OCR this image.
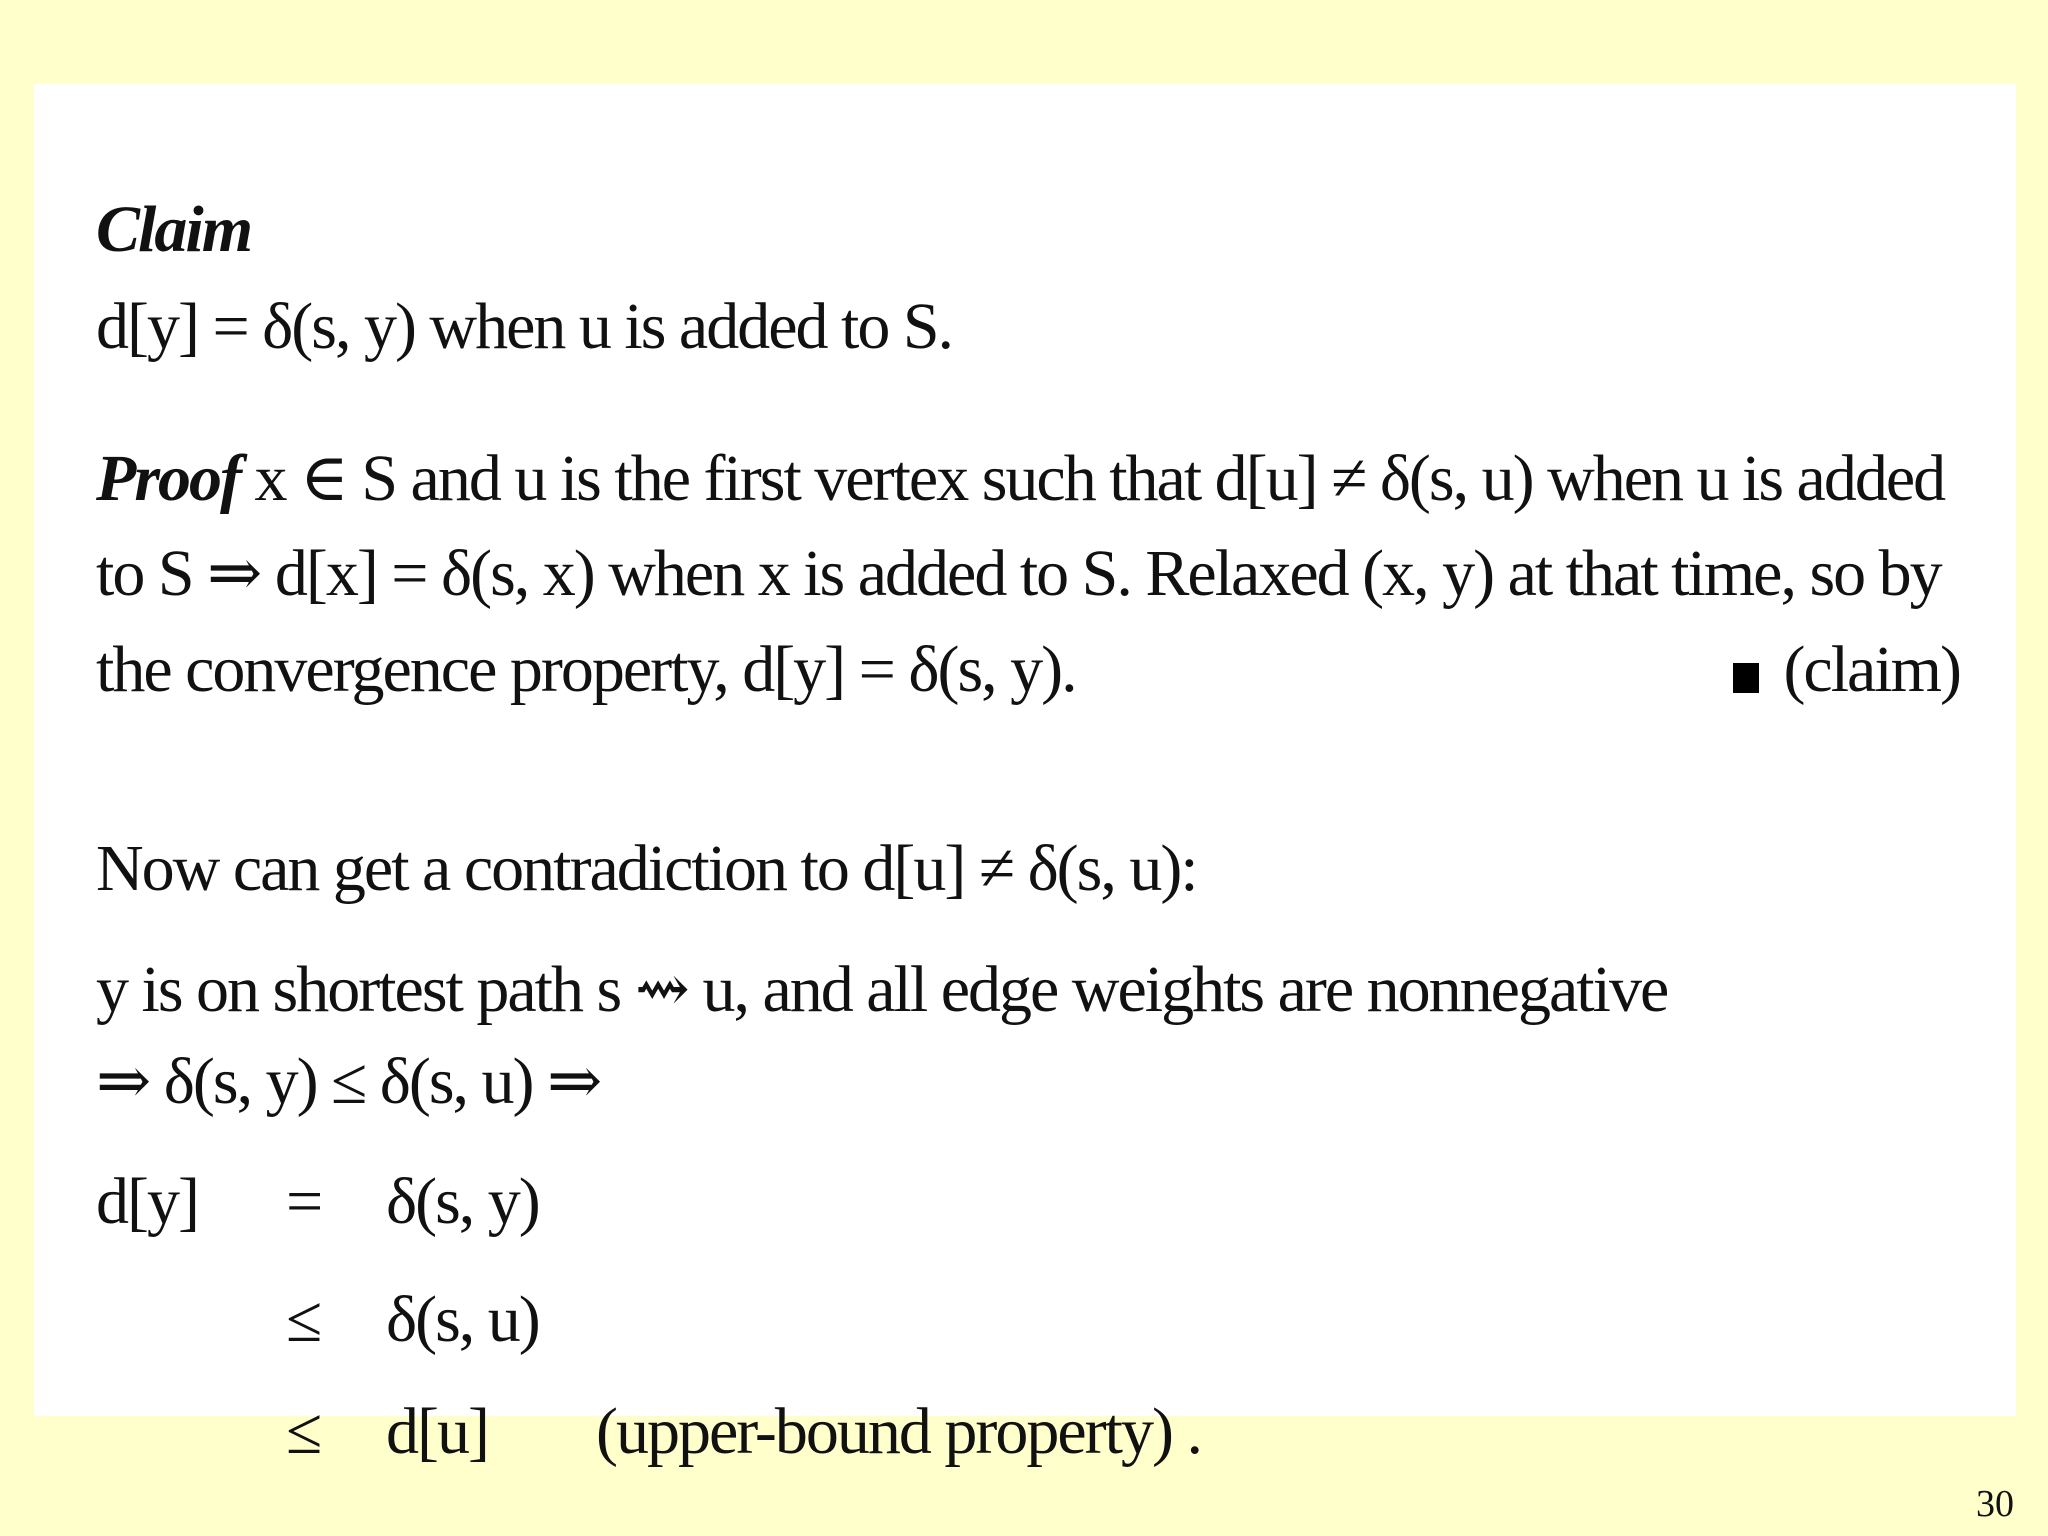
Claim
d[y] = δ(s, y) when u is added to S.
Proof x ∈ S and u is the first vertex such that d[u] ≠ δ(s, u) when u is added
to S ⇒ d[x] = δ(s, x) when x is added to S. Relaxed (x, y) at that time, so by
the convergence property, d[y] = δ(s, y).	(claim)
Now can get a contradiction to d[u] ≠ δ(s, u):
y is on shortest path s ⇝ u, and all edge weights are nonnegative
⇒ δ(s, y) ≤ δ(s, u) ⇒
d[y] = δ(s, y)
≤ δ(s, u)
≤ d[u] (upper-bound property) .
30
